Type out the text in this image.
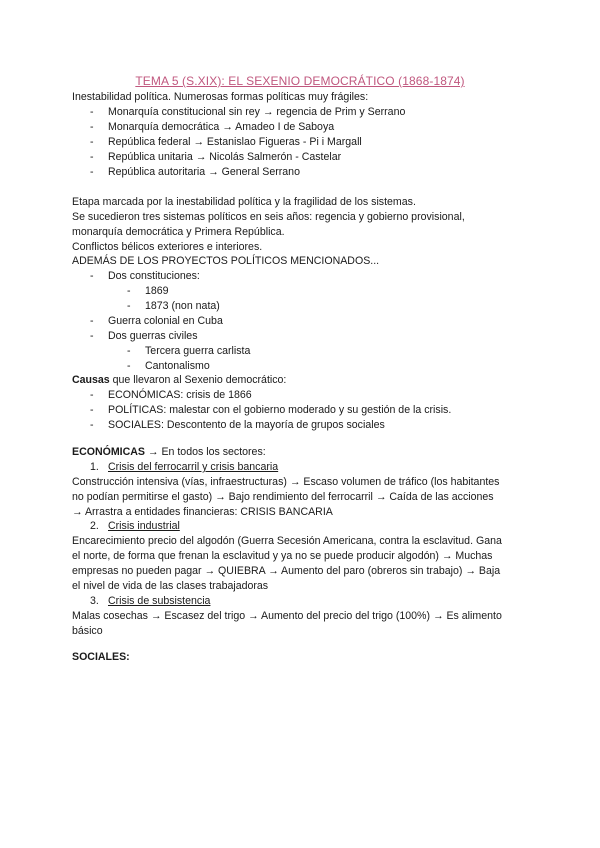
TEMA 5 (S.XIX): EL SEXENIO DEMOCRÁTICO (1868-1874)
Inestabilidad política. Numerosas formas políticas muy frágiles:
- Monarquía constitucional sin rey → regencia de Prim y Serrano
- Monarquía democrática → Amadeo I de Saboya
- República federal → Estanislao Figueras - Pi i Margall
- República unitaria → Nicolás Salmerón - Castelar
- República autoritaria → General Serrano
Etapa marcada por la inestabilidad política y la fragilidad de los sistemas.
Se sucedieron tres sistemas políticos en seis años: regencia y gobierno provisional,
monarquía democrática y Primera República.
Conflictos bélicos exteriores e interiores.
ADEMÁS DE LOS PROYECTOS POLÍTICOS MENCIONADOS...
- Dos constituciones:
- 1869
- 1873 (non nata)
- Guerra colonial en Cuba
- Dos guerras civiles
- Tercera guerra carlista
- Cantonalismo
Causas que llevaron al Sexenio democrático:
- ECONÓMICAS: crisis de 1866
- POLÍTICAS: malestar con el gobierno moderado y su gestión de la crisis.
- SOCIALES: Descontento de la mayoría de grupos sociales
ECONÓMICAS → En todos los sectores:
1. Crisis del ferrocarril y crisis bancaria
Construcción intensiva (vías, infraestructuras) → Escaso volumen de tráfico (los habitantes
no podían permitirse el gasto) → Bajo rendimiento del ferrocarril → Caída de las acciones
→ Arrastra a entidades financieras: CRISIS BANCARIA
2. Crisis industrial
Encarecimiento precio del algodón (Guerra Secesión Americana, contra la esclavitud. Gana
el norte, de forma que frenan la esclavitud y ya no se puede producir algodón) → Muchas
empresas no pueden pagar → QUIEBRA → Aumento del paro (obreros sin trabajo) → Baja
el nivel de vida de las clases trabajadoras
3. Crisis de subsistencia
Malas cosechas → Escasez del trigo → Aumento del precio del trigo (100%) → Es alimento
básico
SOCIALES:
